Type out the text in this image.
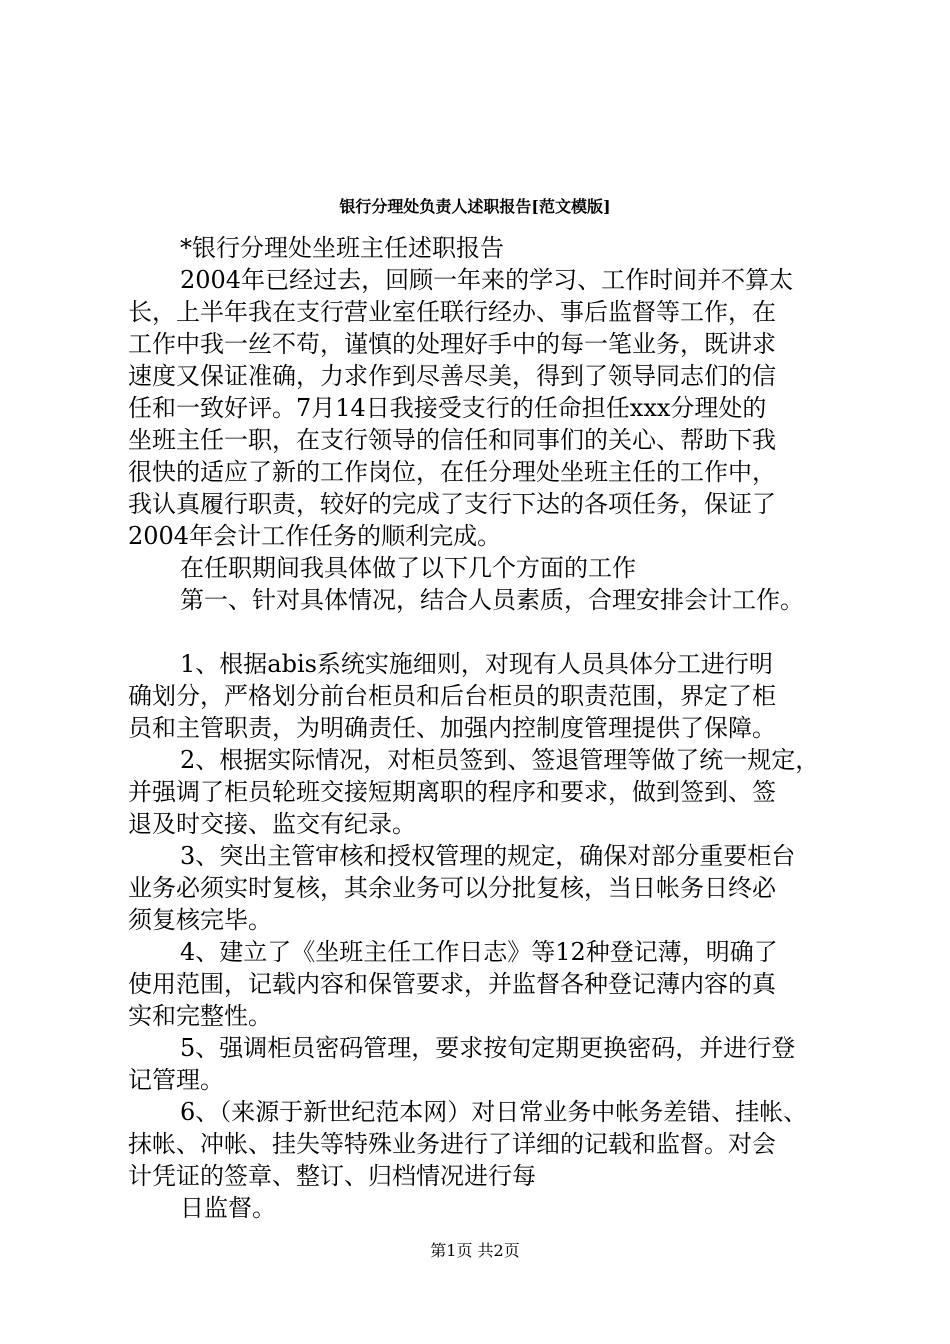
银行分理处负责人述职报告[范文模版]
*银行分理处坐班主任述职报告
2004年已经过去，回顾一年来的学习、工作时间并不算太
长，上半年我在支行营业室任联行经办、事后监督等工作，在
工作中我一丝不苟，谨慎的处理好手中的每一笔业务，既讲求
速度又保证准确，力求作到尽善尽美，得到了领导同志们的信
任和一致好评。7月14日我接受支行的任命担任xxx分理处的
坐班主任一职，在支行领导的信任和同事们的关心、帮助下我
很快的适应了新的工作岗位，在任分理处坐班主任的工作中，
我认真履行职责，较好的完成了支行下达的各项任务，保证了
2004年会计工作任务的顺利完成。
在任职期间我具体做了以下几个方面的工作
第一、针对具体情况，结合人员素质，合理安排会计工作。
1、根据abis系统实施细则，对现有人员具体分工进行明
确划分，严格划分前台柜员和后台柜员的职责范围，界定了柜
员和主管职责，为明确责任、加强内控制度管理提供了保障。
2、根据实际情况，对柜员签到、签退管理等做了统一规定，
并强调了柜员轮班交接短期离职的程序和要求，做到签到、签
退及时交接、监交有纪录。
3、突出主管审核和授权管理的规定，确保对部分重要柜台
业务必须实时复核，其余业务可以分批复核，当日帐务日终必
须复核完毕。
4、建立了《坐班主任工作日志》等12种登记薄，明确了
使用范围，记载内容和保管要求，并监督各种登记薄内容的真
实和完整性。
5、强调柜员密码管理，要求按旬定期更换密码，并进行登
记管理。
6、（来源于新世纪范本网）对日常业务中帐务差错、挂帐、
抹帐、冲帐、挂失等特殊业务进行了详细的记载和监督。对会
计凭证的签章、整订、归档情况进行每
日监督。
第1页 共2页
